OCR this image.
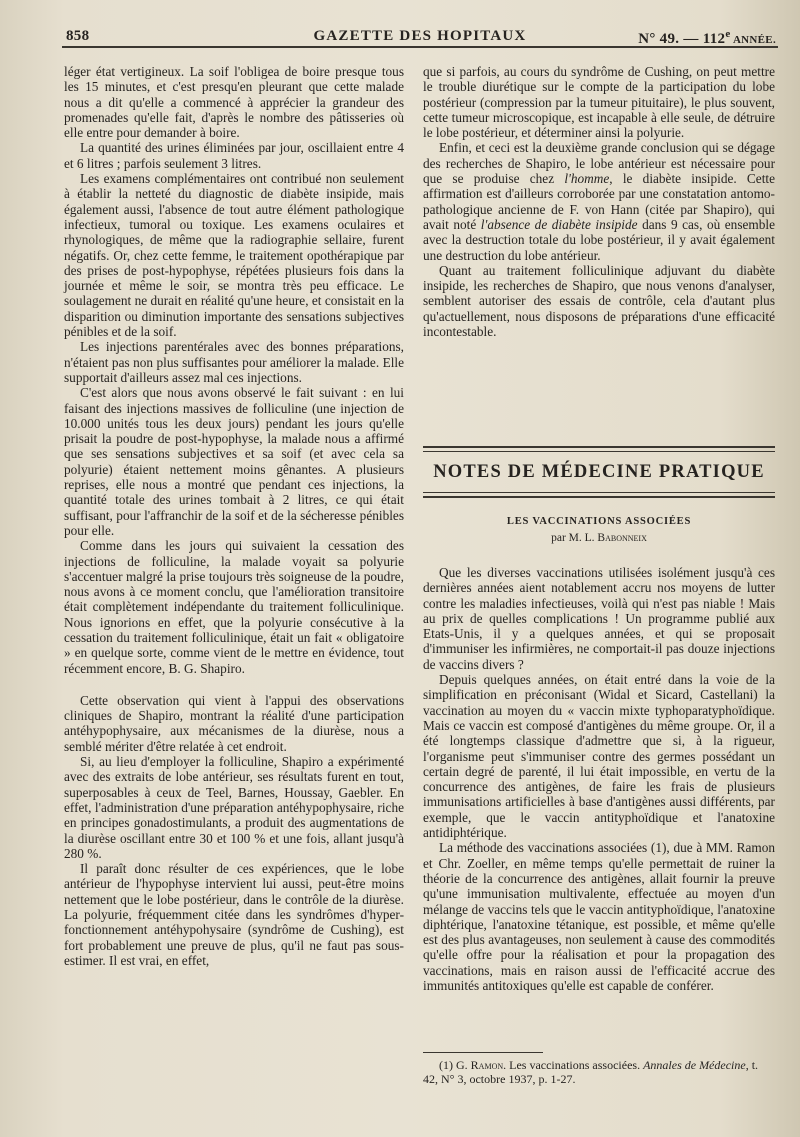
858	GAZETTE DES HOPITAUX	N° 49. — 112e ANNÉE.

léger état vertigineux. La soif l'obligea de boire presque tous les 15 minutes, et c'est presqu'en pleurant que cette malade nous a dit qu'elle a commencé à apprécier la grandeur des promenades qu'elle fait, d'après le nombre des pâtisseries où elle entre pour demander à boire.

La quantité des urines éliminées par jour, oscillaient entre 4 et 6 litres ; parfois seulement 3 litres.

Les examens complémentaires ont contribué non seulement à établir la netteté du diagnostic de diabète insipide, mais également aussi, l'absence de tout autre élément pathologique infectieux, tumoral ou toxique. Les examens oculaires et rhynologiques, de même que la radiographie sellaire, furent négatifs. Or, chez cette femme, le traitement opothérapique par des prises de post-hypophyse, répétées plusieurs fois dans la journée et même le soir, se montra très peu efficace. Le soulagement ne durait en réalité qu'une heure, et consistait en la disparition ou diminution importante des sensations subjectives pénibles et de la soif.

Les injections parentérales avec des bonnes préparations, n'étaient pas non plus suffisantes pour améliorer la malade. Elle supportait d'ailleurs assez mal ces injections.

C'est alors que nous avons observé le fait suivant : en lui faisant des injections massives de folliculine (une injection de 10.000 unités tous les deux jours) pendant les jours qu'elle prisait la poudre de post-hypophyse, la malade nous a affirmé que ses sensations subjectives et sa soif (et avec cela sa polyurie) étaient nettement moins gênantes. A plusieurs reprises, elle nous a montré que pendant ces injections, la quantité totale des urines tombait à 2 litres, ce qui était suffisant, pour l'affranchir de la soif et de la sécheresse pénibles pour elle.

Comme dans les jours qui suivaient la cessation des injections de folliculine, la malade voyait sa polyurie s'accentuer malgré la prise toujours très soigneuse de la poudre, nous avons à ce moment conclu, que l'amélioration transitoire était complètement indépendante du traitement folliculinique. Nous ignorions en effet, que la polyurie consécutive à la cessation du traitement folliculinique, était un fait « obligatoire » en quelque sorte, comme vient de le mettre en évidence, tout récemment encore, B. G. Shapiro.

Cette observation qui vient à l'appui des observations cliniques de Shapiro, montrant la réalité d'une participation antéhypophysaire, aux mécanismes de la diurèse, nous a semblé mériter d'être relatée à cet endroit.

Si, au lieu d'employer la folliculine, Shapiro a expérimenté avec des extraits de lobe antérieur, ses résultats furent en tout, superposables à ceux de Teel, Barnes, Houssay, Gaebler. En effet, l'administration d'une préparation antéhypophysaire, riche en principes gonadostimulants, a produit des augmentations de la diurèse oscillant entre 30 et 100 % et une fois, allant jusqu'à 280 %.

Il paraît donc résulter de ces expériences, que le lobe antérieur de l'hypophyse intervient lui aussi, peut-être moins nettement que le lobe postérieur, dans le contrôle de la diurèse. La polyurie, fréquemment citée dans les syndrômes d'hyper-fonctionnement antéhypohysaire (syndrôme de Cushing), est fort probablement une preuve de plus, qu'il ne faut pas sous-estimer. Il est vrai, en effet,

que si parfois, au cours du syndrôme de Cushing, on peut mettre le trouble diurétique sur le compte de la participation du lobe postérieur (compression par la tumeur pituitaire), le plus souvent, cette tumeur microscopique, est incapable à elle seule, de détruire le lobe postérieur, et déterminer ainsi la polyurie.

Enfin, et ceci est la deuxième grande conclusion qui se dégage des recherches de Shapiro, le lobe antérieur est nécessaire pour que se produise chez l'homme, le diabète insipide. Cette affirmation est d'ailleurs corroborée par une constatation antomo-pathologique ancienne de F. von Hann (citée par Shapiro), qui avait noté l'absence de diabète insipide dans 9 cas, où ensemble avec la destruction totale du lobe postérieur, il y avait également une destruction du lobe antérieur.

Quant au traitement folliculinique adjuvant du diabète insipide, les recherches de Shapiro, que nous venons d'analyser, semblent autoriser des essais de contrôle, cela d'autant plus qu'actuellement, nous disposons de préparations d'une efficacité incontestable.

NOTES DE MÉDECINE PRATIQUE
LES VACCINATIONS ASSOCIÉES
par M. L. Babonneix

Que les diverses vaccinations utilisées isolément jusqu'à ces dernières années aient notablement accru nos moyens de lutter contre les maladies infectieuses, voilà qui n'est pas niable ! Mais au prix de quelles complications ! Un programme publié aux Etats-Unis, il y a quelques années, et qui se proposait d'immuniser les infirmières, ne comportait-il pas douze injections de vaccins divers ?

Depuis quelques années, on était entré dans la voie de la simplification en préconisant (Widal et Sicard, Castellani) la vaccination au moyen du « vaccin mixte typhoparatyphoïdique. Mais ce vaccin est composé d'antigènes du même groupe. Or, il a été longtemps classique d'admettre que si, à la rigueur, l'organisme peut s'immuniser contre des germes possédant un certain degré de parenté, il lui était impossible, en vertu de la concurrence des antigènes, de faire les frais de plusieurs immunisations artificielles à base d'antigènes aussi différents, par exemple, que le vaccin antityphoïdique et l'anatoxine antidiphtérique.

La méthode des vaccinations associées (1), due à MM. Ramon et Chr. Zoeller, en même temps qu'elle permettait de ruiner la théorie de la concurrence des antigènes, allait fournir la preuve qu'une immunisation multivalente, effectuée au moyen d'un mélange de vaccins tels que le vaccin antityphoïdique, l'anatoxine diphtérique, l'anatoxine tétanique, est possible, et même qu'elle est des plus avantageuses, non seulement à cause des commodités qu'elle offre pour la réalisation et pour la propagation des vaccinations, mais en raison aussi de l'efficacité accrue des immunités antitoxiques qu'elle est capable de conférer.

(1) G. Ramon. Les vaccinations associées. Annales de Médecine, t. 42, N° 3, octobre 1937, p. 1-27.
